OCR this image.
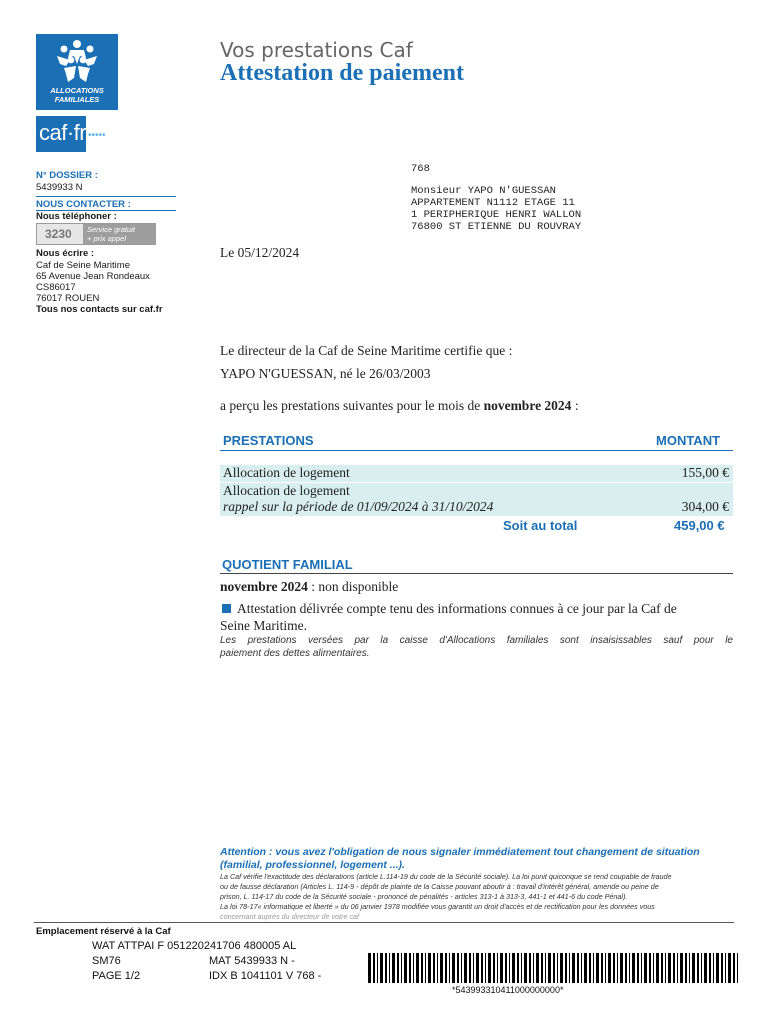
ALLOCATIONS FAMILIALES
caf·fr •••••
Vos prestations Caf
Attestation de paiement
N° DOSSIER :
5439933 N
NOUS CONTACTER :
Nous téléphoner :
3230 Service gratuit
+ prix appel
Nous écrire :
Caf de Seine Maritime
65 Avenue Jean Rondeaux
CS86017
76017 ROUEN
Tous nos contacts sur caf.fr
768
Monsieur YAPO N'GUESSAN
APPARTEMENT N1112 ETAGE 11
1 PERIPHERIQUE HENRI WALLON
76800 ST ETIENNE DU ROUVRAY
Le 05/12/2024
Le directeur de la Caf de Seine Maritime certifie que :
YAPO N'GUESSAN, né le 26/03/2003
a perçu les prestations suivantes pour le mois de novembre 2024 :
PRESTATIONS	MONTANT
Allocation de logement	155,00 €
Allocation de logement
rappel sur la période de 01/09/2024 à 31/10/2024	304,00 €
Soit au total	459,00 €
QUOTIENT FAMILIAL
novembre 2024 : non disponible
Attestation délivrée compte tenu des informations connues à ce jour par la Caf de
Seine Maritime.
Les prestations versées par la caisse d'Allocations familiales sont insaisissables sauf pour le
paiement des dettes alimentaires.
Attention : vous avez l'obligation de nous signaler immédiatement tout changement de situation
(familial, professionnel, logement ...).
La Caf vérifie l'exactitude des déclarations (article L.114-19 du code de la Sécurité sociale). La loi punit quiconque se rend coupable de fraude
ou de fausse déclaration (Articles L. 114-9 - dépôt de plainte de la Caisse pouvant aboutir à : travail d'intérêt général, amende ou peine de
prison, L. 114-17 du code de la Sécurité sociale - prononcé de pénalités - articles 313-1 à 313-3, 441-1 et 441-6 du code Pénal).
La loi 78-17« informatique et liberté » du 06 janvier 1978 modifiée vous garantit un droit d'accès et de rectification pour les données vous
concernant auprès du directeur de votre caf
Emplacement réservé à la Caf
WAT ATTPAI F 051220241706 480005 AL
SM76	MAT 5439933 N -
PAGE 1/2	IDX B 1041101 V 768 -
*543993310411000000000*
